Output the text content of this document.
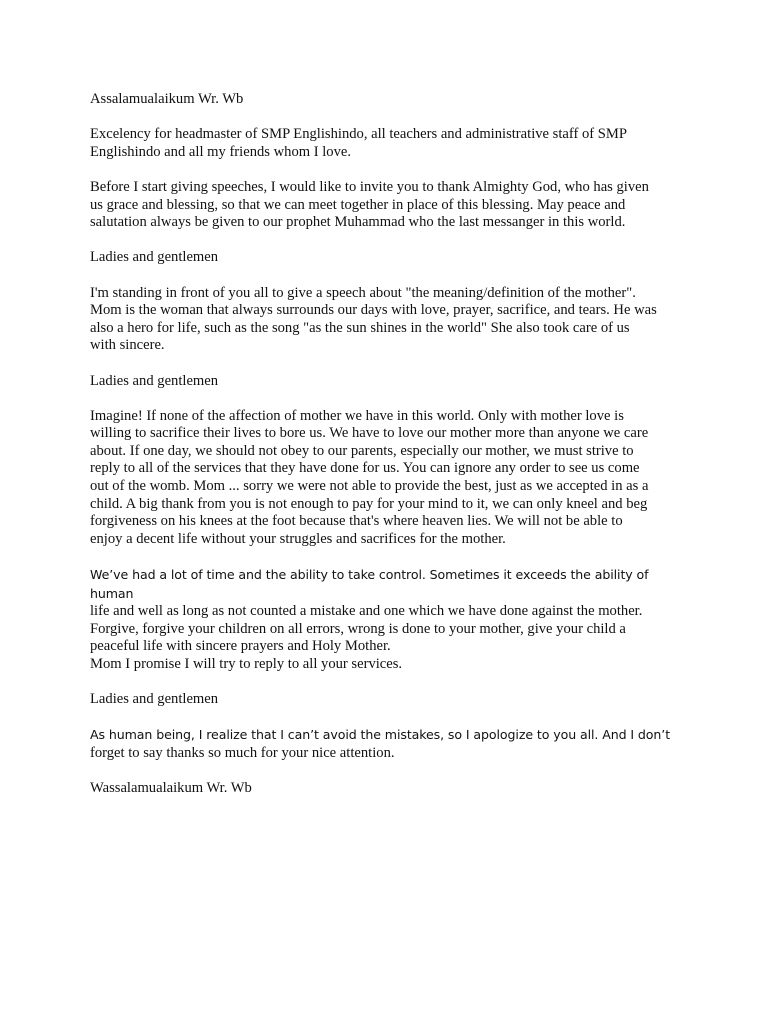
Assalamualaikum Wr. Wb

Excelency for headmaster of SMP Englishindo, all teachers and administrative staff of SMP
Englishindo and all my friends whom I love.

Before I start giving speeches, I would like to invite you to thank Almighty God, who has given
us grace and blessing, so that we can meet together in place of this blessing. May peace and
salutation always be given to our prophet Muhammad who the last messanger in this world.

Ladies and gentlemen

I'm standing in front of you all to give a speech about "the meaning/definition of the mother".
Mom is the woman that always surrounds our days with love, prayer, sacrifice, and tears. He was
also a hero for life, such as the song "as the sun shines in the world" She also took care of us
with sincere.

Ladies and gentlemen

Imagine! If none of the affection of mother we have in this world. Only with mother love is
willing to sacrifice their lives to bore us. We have to love our mother more than anyone we care
about. If one day, we should not obey to our parents, especially our mother, we must strive to
reply to all of the services that they have done for us. You can ignore any order to see us come
out of the womb. Mom ... sorry we were not able to provide the best, just as we accepted in as a
child. A big thank from you is not enough to pay for your mind to it, we can only kneel and beg
forgiveness on his knees at the foot because that's where heaven lies. We will not be able to
enjoy a decent life without your struggles and sacrifices for the mother.

We’ve had a lot of time and the ability to take control. Sometimes it exceeds the ability of human
life and well as long as not counted a mistake and one which we have done against the mother.
Forgive, forgive your children on all errors, wrong is done to your mother, give your child a
peaceful life with sincere prayers and Holy Mother.
Mom I promise I will try to reply to all your services.

Ladies and gentlemen

As human being, I realize that I can’t avoid the mistakes, so I apologize to you all. And I don’t
forget to say thanks so much for your nice attention.

Wassalamualaikum Wr. Wb
